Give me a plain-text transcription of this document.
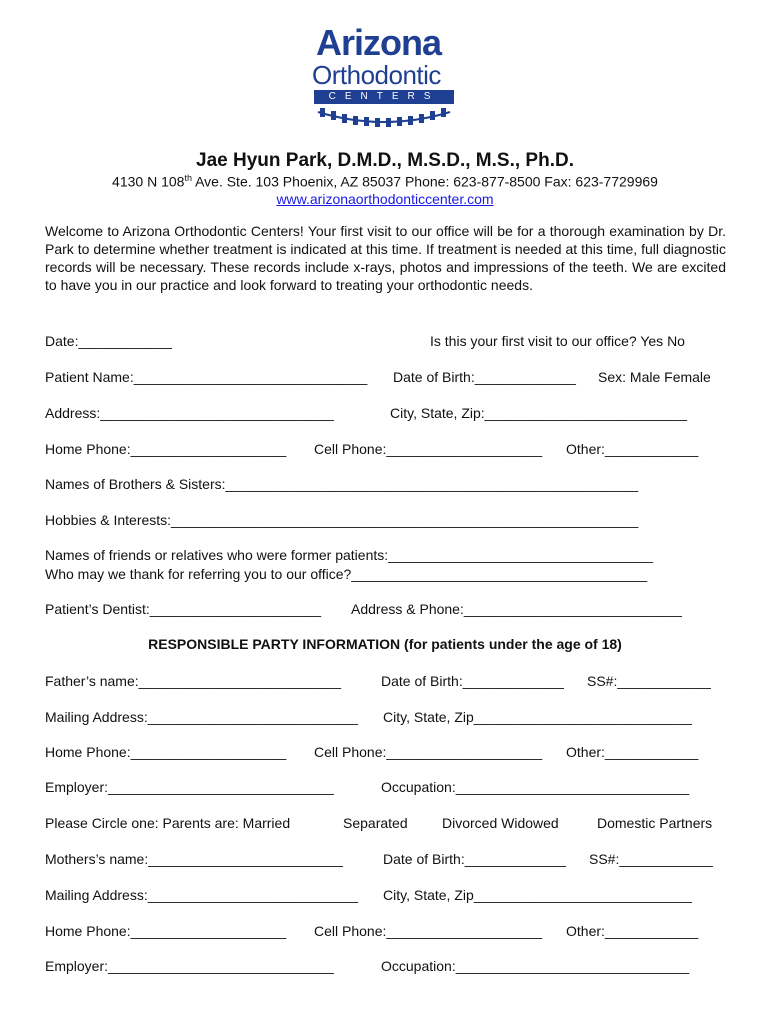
Arizona
Orthodontic
CENTERS
Jae Hyun Park, D.M.D., M.S.D., M.S., Ph.D.
4130 N 108th Ave. Ste. 103 Phoenix, AZ 85037 Phone: 623-877-8500 Fax: 623-7729969
www.arizonaorthodonticcenter.com
Welcome to Arizona Orthodontic Centers! Your first visit to our office will be for a thorough examination by Dr. Park to determine whether treatment is indicated at this time. If treatment is needed at this time, full diagnostic records will be necessary. These records include x-rays, photos and impressions of the teeth. We are excited to have you in our practice and look forward to treating your orthodontic needs.
Date:____________	Is this your first visit to our office? Yes No
Patient Name:______________________________ Date of Birth:_____________ Sex: Male Female
Address:______________________________	City, State, Zip:__________________________
Home Phone:____________________ Cell Phone:____________________ Other:____________
Names of Brothers & Sisters:_____________________________________________________
Hobbies & Interests:____________________________________________________________
Names of friends or relatives who were former patients:__________________________________
Who may we thank for referring you to our office?______________________________________
Patient’s Dentist:______________________ Address & Phone:____________________________
RESPONSIBLE PARTY INFORMATION (for patients under the age of 18)
Father’s name:__________________________	Date of Birth:_____________ SS#:____________
Mailing Address:___________________________ City, State, Zip____________________________
Home Phone:____________________ Cell Phone:____________________ Other:____________
Employer:_____________________________	Occupation:______________________________
Please Circle one: Parents are: Married	Separated Divorced Widowed	Domestic Partners
Mothers’s name:_________________________	Date of Birth:_____________ SS#:____________
Mailing Address:___________________________ City, State, Zip____________________________
Home Phone:____________________ Cell Phone:____________________ Other:____________
Employer:_____________________________	Occupation:______________________________
